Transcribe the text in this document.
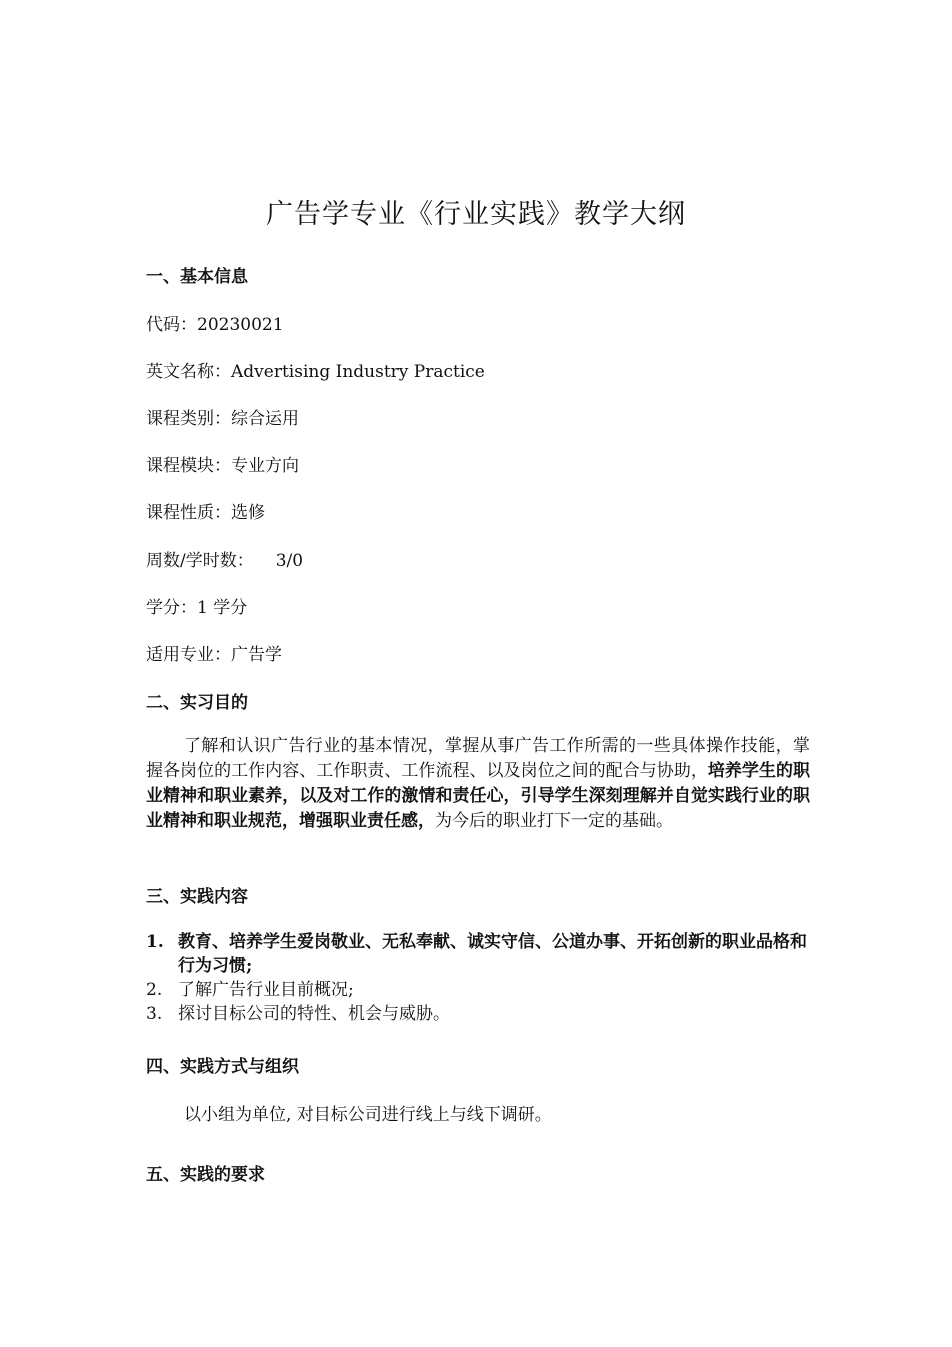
广告学专业《行业实践》教学大纲
一、基本信息

代码：20230021

英文名称：Advertising Industry Practice

课程类别：综合运用

课程模块：专业方向

课程性质：选修

周数/学时数： 3/0

学分：1 学分

适用专业：广告学

二、实习目的

了解和认识广告行业的基本情况，掌握从事广告工作所需的一些具体操作技能，掌握各岗位的工作内容、工作职责、工作流程、以及岗位之间的配合与协助，培养学生的职业精神和职业素养，以及对工作的激情和责任心，引导学生深刻理解并自觉实践行业的职业精神和职业规范，增强职业责任感，为今后的职业打下一定的基础。

三、实践内容
1. 教育、培养学生爱岗敬业、无私奉献、诚实守信、公道办事、开拓创新的职业品格和行为习惯;
2. 了解广告行业目前概况;
3. 探讨目标公司的特性、机会与威胁。
四、实践方式与组织

以小组为单位, 对目标公司进行线上与线下调研。

五、实践的要求
